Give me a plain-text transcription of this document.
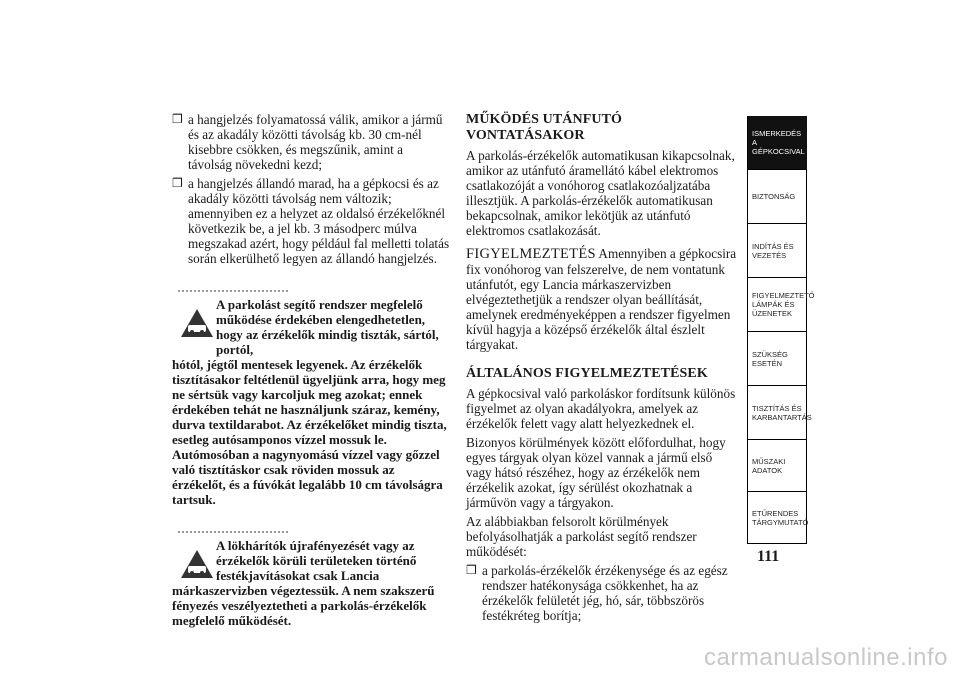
❒ a hangjelzés folyamatossá válik, amikor a jármű és az akadály közötti távolság kb. 30 cm-nél kisebbre csökken, és megszűnik, amint a távolság növekedni kezd;
❒ a hangjelzés állandó marad, ha a gépkocsi és az akadály közötti távolság nem változik; amennyiben ez a helyzet az oldalsó érzékelőknél következik be, a jel kb. 3 másodperc múlva megszakad azért, hogy például fal melletti tolatás során elkerülhető legyen az állandó hangjelzés.
A parkolást segítő rendszer megfelelő működése érdekében elengedhetetlen, hogy az érzékelők mindig tiszták, sártól, portól,
hótól, jégtől mentesek legyenek. Az érzékelők tisztításakor feltétlenül ügyeljünk arra, hogy meg ne sértsük vagy karcoljuk meg azokat; ennek érdekében tehát ne használjunk száraz, kemény, durva textildarabot. Az érzékelőket mindig tiszta, esetleg autósamponos vízzel mossuk le. Autómosóban a nagynyomású vízzel vagy gőzzel való tisztításkor csak röviden mossuk az érzékelőt, és a fúvókát legalább 10 cm távolságra tartsuk.
A lökhárítók újrafényezését vagy az érzékelők körüli területeken történő festékjavításokat csak Lancia
márkaszervizben végeztessük. A nem szakszerű fényezés veszélyeztetheti a parkolás-érzékelők megfelelő működését.
MŰKÖDÉS UTÁNFUTÓ VONTATÁSAKOR
A parkolás-érzékelők automatikusan kikapcsolnak, amikor az utánfutó áramellátó kábel elektromos csatlakozóját a vonóhorog csatlakozóaljzatába illesztjük. A parkolás-érzékelők automatikusan bekapcsolnak, amikor lekötjük az utánfutó elektromos csatlakozását.
FIGYELMEZTETÉS Amennyiben a gépkocsira fix vonóhorog van felszerelve, de nem vontatunk utánfutót, egy Lancia márkaszervizben elvégeztethetjük a rendszer olyan beállítását, amelynek eredményeképpen a rendszer figyelmen kívül hagyja a középső érzékelők által észlelt tárgyakat.
ÁLTALÁNOS FIGYELMEZTETÉSEK
A gépkocsival való parkoláskor fordítsunk különös figyelmet az olyan akadályokra, amelyek az érzékelők felett vagy alatt helyezkednek el.
Bizonyos körülmények között előfordulhat, hogy egyes tárgyak olyan közel vannak a jármű első vagy hátsó részéhez, hogy az érzékelők nem érzékelik azokat, így sérülést okozhatnak a járművön vagy a tárgyakon.
Az alábbiakban felsorolt körülmények befolyásolhatják a parkolást segítő rendszer működését:
❒ a parkolás-érzékelők érzékenysége és az egész rendszer hatékonysága csökkenhet, ha az érzékelők felületét jég, hó, sár, többszörös festékréteg borítja;
ISMERKEDÉS A GÉPKOCSIVAL
BIZTONSÁG
INDÍTÁS ÉS VEZETÉS
FIGYELMEZTETŐ LÁMPÁK ÉS ÜZENETEK
SZÜKSÉG ESETÉN
TISZTÍTÁS ÉS KARBANTARTÁS
MŰSZAKI ADATOK
ETŰRENDES TÁRGYMUTATÓ
111
carmanualsonline.info
